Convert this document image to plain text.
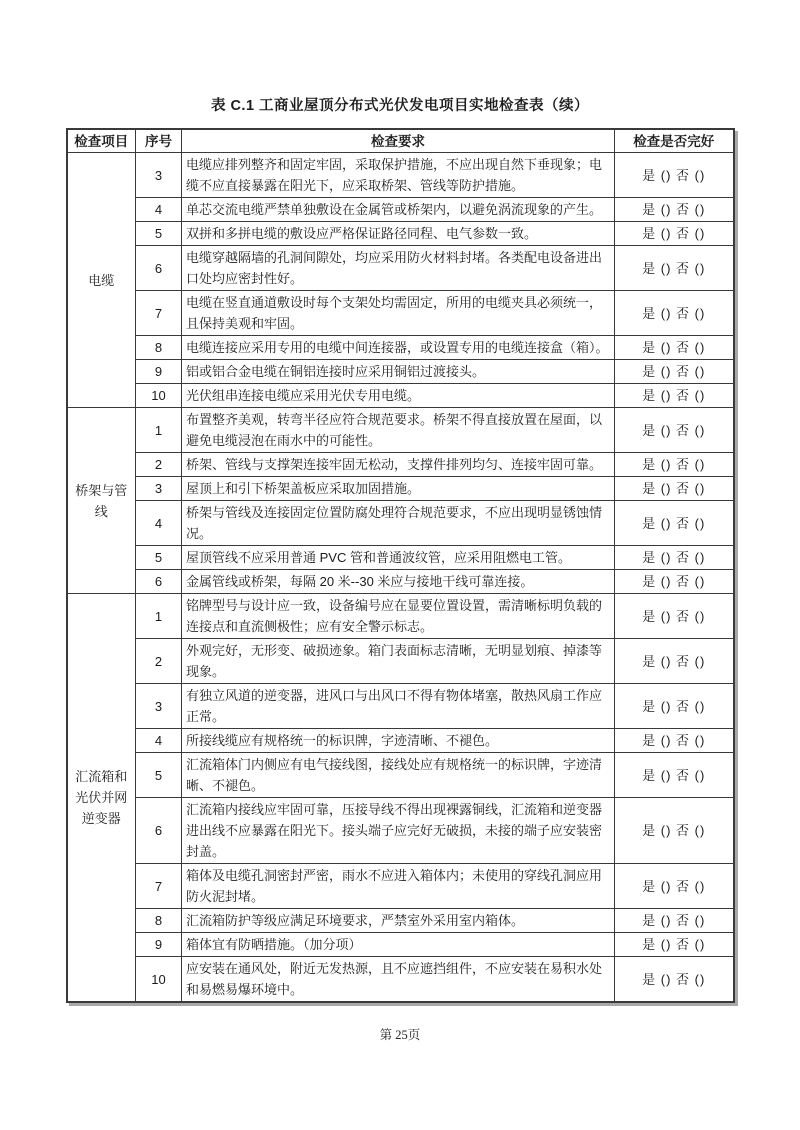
表 C.1 工商业屋顶分布式光伏发电项目实地检查表（续）
检查项目	序号	检查要求	检查是否完好
电缆	3	电缆应排列整齐和固定牢固，采取保护措施，不应出现自然下垂现象；电缆不应直接暴露在阳光下，应采取桥架、管线等防护措施。	是 () 否 ()
	4	单芯交流电缆严禁单独敷设在金属管或桥架内，以避免涡流现象的产生。	是 () 否 ()
	5	双拼和多拼电缆的敷设应严格保证路径同程、电气参数一致。	是 () 否 ()
	6	电缆穿越隔墙的孔洞间隙处，均应采用防火材料封堵。各类配电设备进出口处均应密封性好。	是 () 否 ()
	7	电缆在竖直通道敷设时每个支架处均需固定，所用的电缆夹具必须统一，且保持美观和牢固。	是 () 否 ()
	8	电缆连接应采用专用的电缆中间连接器，或设置专用的电缆连接盒（箱）。	是 () 否 ()
	9	铝或铝合金电缆在铜铝连接时应采用铜铝过渡接头。	是 () 否 ()
	10	光伏组串连接电缆应采用光伏专用电缆。	是 () 否 ()
桥架与管线	1	布置整齐美观，转弯半径应符合规范要求。桥架不得直接放置在屋面，以避免电缆浸泡在雨水中的可能性。	是 () 否 ()
	2	桥架、管线与支撑架连接牢固无松动，支撑件排列均匀、连接牢固可靠。	是 () 否 ()
	3	屋顶上和引下桥架盖板应采取加固措施。	是 () 否 ()
	4	桥架与管线及连接固定位置防腐处理符合规范要求，不应出现明显锈蚀情况。	是 () 否 ()
	5	屋顶管线不应采用普通 PVC 管和普通波纹管，应采用阻燃电工管。	是 () 否 ()
	6	金属管线或桥架，每隔 20 米--30 米应与接地干线可靠连接。	是 () 否 ()
汇流箱和光伏并网逆变器	1	铭牌型号与设计应一致，设备编号应在显要位置设置，需清晰标明负载的连接点和直流侧极性；应有安全警示标志。	是 () 否 ()
	2	外观完好，无形变、破损迹象。箱门表面标志清晰，无明显划痕、掉漆等现象。	是 () 否 ()
	3	有独立风道的逆变器，进风口与出风口不得有物体堵塞，散热风扇工作应正常。	是 () 否 ()
	4	所接线缆应有规格统一的标识牌，字迹清晰、不褪色。	是 () 否 ()
	5	汇流箱体门内侧应有电气接线图，接线处应有规格统一的标识牌，字迹清晰、不褪色。	是 () 否 ()
	6	汇流箱内接线应牢固可靠，压接导线不得出现裸露铜线，汇流箱和逆变器进出线不应暴露在阳光下。接头端子应完好无破损，未接的端子应安装密封盖。	是 () 否 ()
	7	箱体及电缆孔洞密封严密，雨水不应进入箱体内；未使用的穿线孔洞应用防火泥封堵。	是 () 否 ()
	8	汇流箱防护等级应满足环境要求，严禁室外采用室内箱体。	是 () 否 ()
	9	箱体宜有防晒措施。（加分项）	是 () 否 ()
	10	应安装在通风处，附近无发热源，且不应遮挡组件，不应安装在易积水处和易燃易爆环境中。	是 () 否 ()
第 25页
